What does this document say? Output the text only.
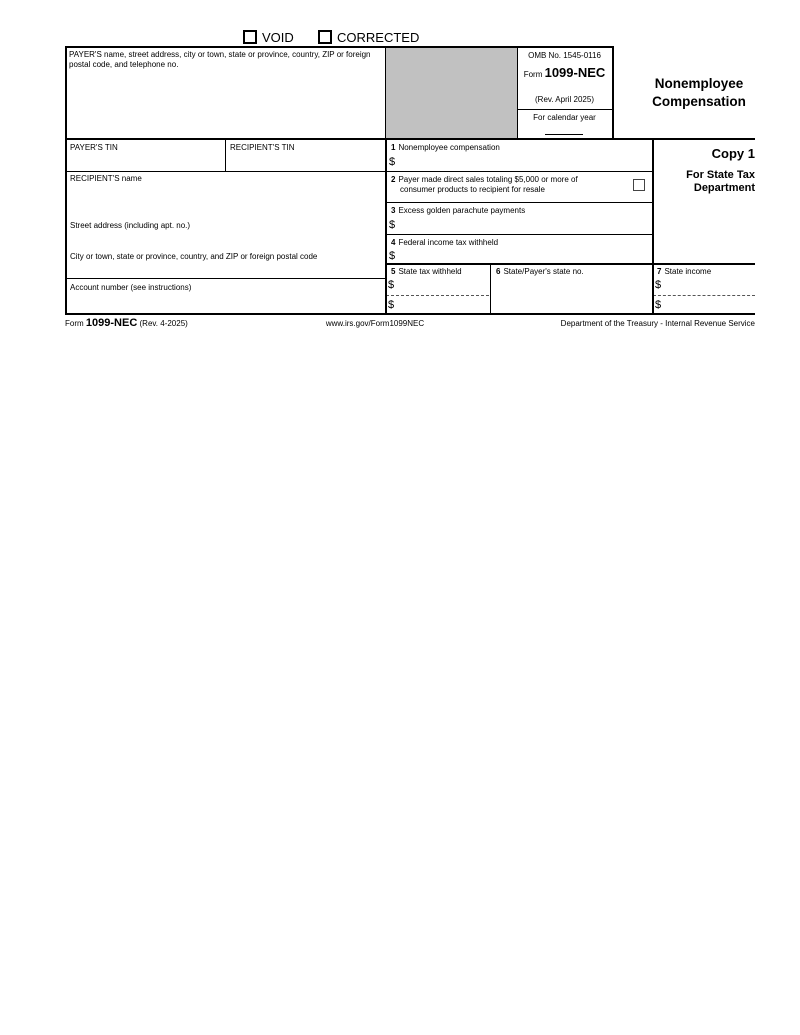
VOID	CORRECTED
PAYER'S name, street address, city or town, state or province, country, ZIP or foreign postal code, and telephone no.
OMB No. 1545-0116
Form 1099-NEC
(Rev. April 2025)
For calendar year
Nonemployee
Compensation
PAYER'S TIN	RECIPIENT'S TIN
RECIPIENT'S name
Street address (including apt. no.)
City or town, state or province, country, and ZIP or foreign postal code
Account number (see instructions)
1 Nonemployee compensation
$
2 Payer made direct sales totaling $5,000 or more of
consumer products to recipient for resale
3 Excess golden parachute payments
$
4 Federal income tax withheld
$
5 State tax withheld	6 State/Payer's state no.	7 State income
$
$
$
$
Copy 1
For State Tax
Department
Form 1099-NEC (Rev. 4-2025)	www.irs.gov/Form1099NEC	Department of the Treasury - Internal Revenue Service
